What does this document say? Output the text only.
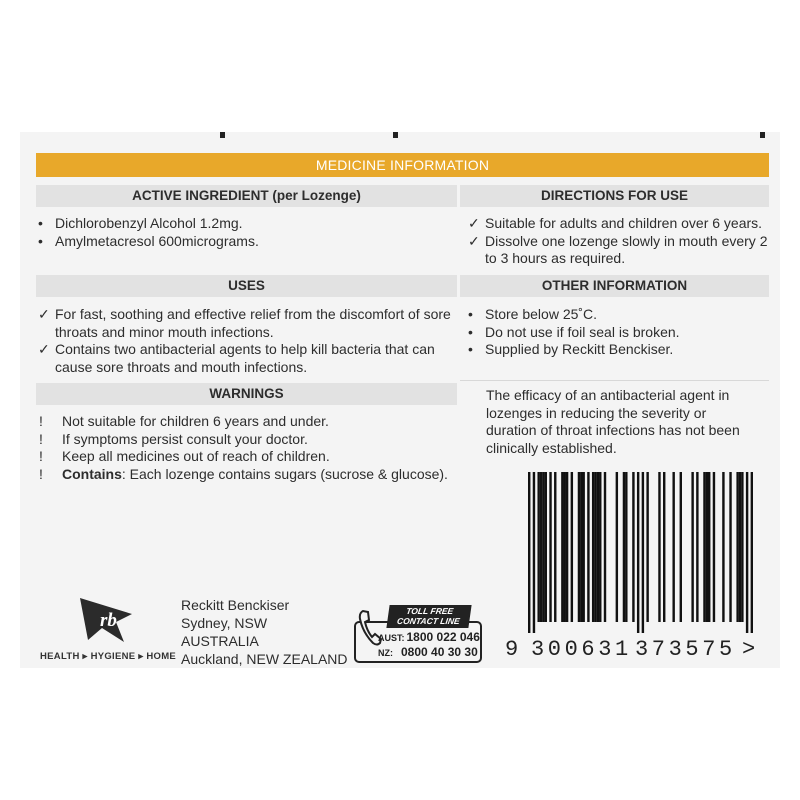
MEDICINE INFORMATION
ACTIVE INGREDIENT (per Lozenge)
•
Dichlorobenzyl Alcohol 1.2mg.
•
Amylmetacresol 600micrograms.
DIRECTIONS FOR USE
✓
Suitable for adults and children over 6 years.
✓
Dissolve one lozenge slowly in mouth every 2 to 3 hours as required.
USES
✓
For fast, soothing and effective relief from the discomfort of sore throats and minor mouth infections.
✓
Contains two antibacterial agents to help kill bacteria that can cause sore throats and mouth infections.
OTHER INFORMATION
•
Store below 25˚C.
•
Do not use if foil seal is broken.
•
Supplied by Reckitt Benckiser.
WARNINGS
!
Not suitable for children 6 years and under.
!
If symptoms persist consult your doctor.
!
Keep all medicines out of reach of children.
!
Contains: Each lozenge contains sugars (sucrose & glucose).
The efficacy of an antibacterial agent in lozenges in reducing the severity or duration of throat infections has not been clinically established.
9 300631 373575 >
rb
HEALTH ▸ HYGIENE ▸ HOME
Reckitt Benckiser
Sydney, NSW
AUSTRALIA
Auckland, NEW ZEALAND
TOLL FREE
CONTACT LINE
AUST: 1800 022 046
NZ: 0800 40 30 30
